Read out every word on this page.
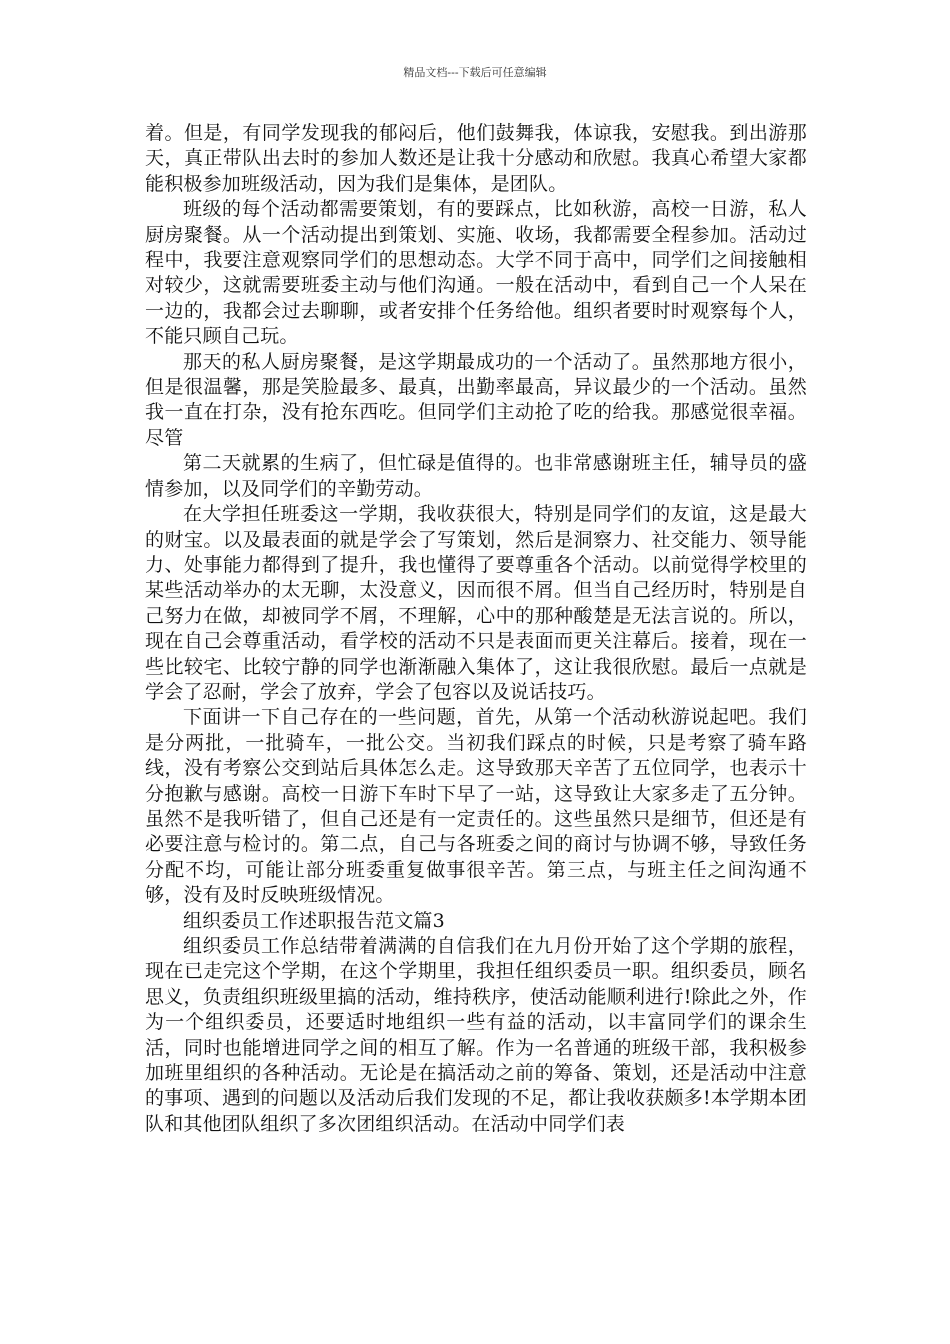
精品文档---下载后可任意编辑

着。但是，有同学发现我的郁闷后，他们鼓舞我，体谅我，安慰我。到出游那天，真正带队出去时的参加人数还是让我十分感动和欣慰。我真心希望大家都能积极参加班级活动，因为我们是集体，是团队。

班级的每个活动都需要策划，有的要踩点，比如秋游，高校一日游，私人厨房聚餐。从一个活动提出到策划、实施、收场，我都需要全程参加。活动过程中，我要注意观察同学们的思想动态。大学不同于高中，同学们之间接触相对较少，这就需要班委主动与他们沟通。一般在活动中，看到自己一个人呆在一边的，我都会过去聊聊，或者安排个任务给他。组织者要时时观察每个人，不能只顾自己玩。

那天的私人厨房聚餐，是这学期最成功的一个活动了。虽然那地方很小，但是很温馨，那是笑脸最多、最真，出勤率最高，异议最少的一个活动。虽然我一直在打杂，没有抢东西吃。但同学们主动抢了吃的给我。那感觉很幸福。尽管

第二天就累的生病了，但忙碌是值得的。也非常感谢班主任，辅导员的盛情参加，以及同学们的辛勤劳动。

在大学担任班委这一学期，我收获很大，特别是同学们的友谊，这是最大的财宝。以及最表面的就是学会了写策划，然后是洞察力、社交能力、领导能力、处事能力都得到了提升，我也懂得了要尊重各个活动。以前觉得学校里的某些活动举办的太无聊，太没意义，因而很不屑。但当自己经历时，特别是自己努力在做，却被同学不屑，不理解，心中的那种酸楚是无法言说的。所以，现在自己会尊重活动，看学校的活动不只是表面而更关注幕后。接着，现在一些比较宅、比较宁静的同学也渐渐融入集体了，这让我很欣慰。最后一点就是学会了忍耐，学会了放弃，学会了包容以及说话技巧。

下面讲一下自己存在的一些问题，首先，从第一个活动秋游说起吧。我们是分两批，一批骑车，一批公交。当初我们踩点的时候，只是考察了骑车路线，没有考察公交到站后具体怎么走。这导致那天辛苦了五位同学，也表示十分抱歉与感谢。高校一日游下车时下早了一站，这导致让大家多走了五分钟。虽然不是我听错了，但自己还是有一定责任的。这些虽然只是细节，但还是有必要注意与检讨的。第二点，自己与各班委之间的商讨与协调不够，导致任务分配不均，可能让部分班委重复做事很辛苦。第三点，与班主任之间沟通不够，没有及时反映班级情况。

组织委员工作述职报告范文篇3

组织委员工作总结带着满满的自信我们在九月份开始了这个学期的旅程，现在已走完这个学期，在这个学期里，我担任组织委员一职。组织委员，顾名思义，负责组织班级里搞的活动，维持秩序，使活动能顺利进行!除此之外，作为一个组织委员，还要适时地组织一些有益的活动，以丰富同学们的课余生活，同时也能增进同学之间的相互了解。作为一名普通的班级干部，我积极参加班里组织的各种活动。无论是在搞活动之前的筹备、策划，还是活动中注意的事项、遇到的问题以及活动后我们发现的不足，都让我收获颇多!本学期本团队和其他团队组织了多次团组织活动。在活动中同学们表
